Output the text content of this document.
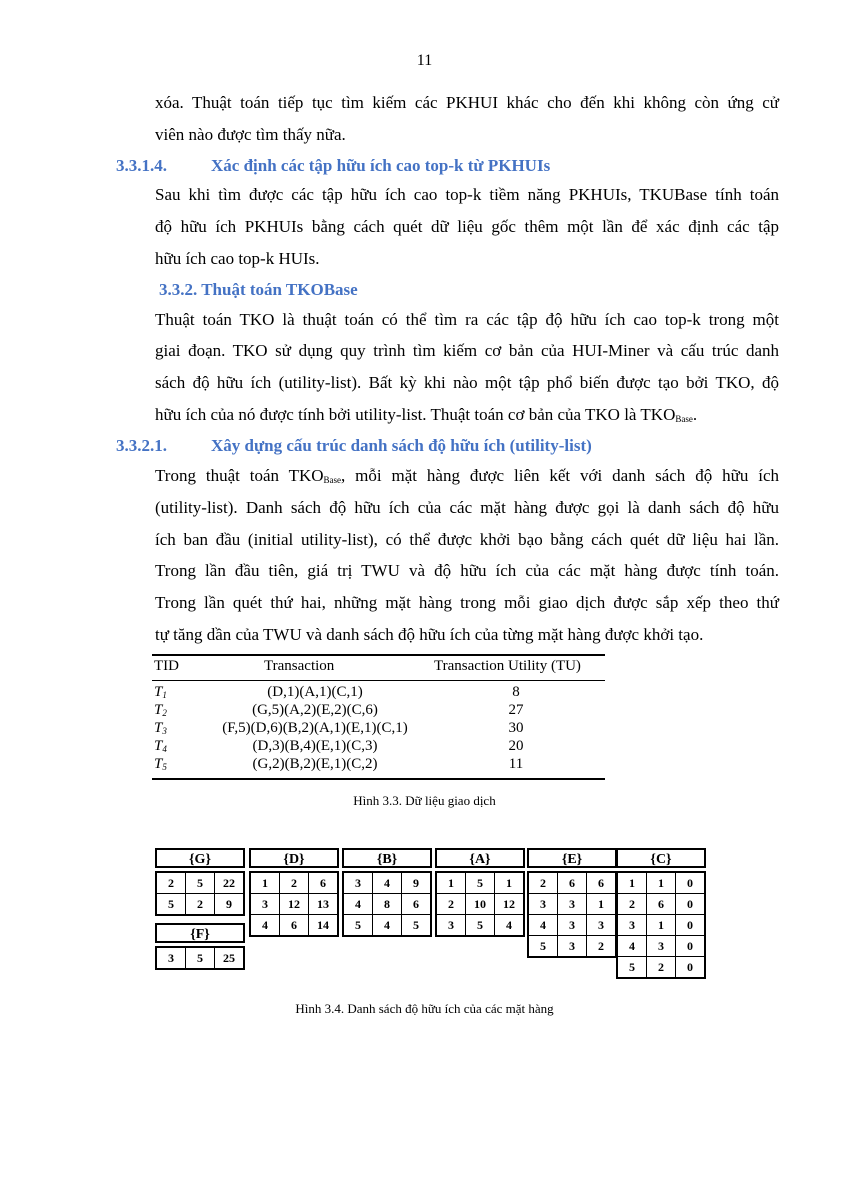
11
xóa. Thuật toán tiếp tục tìm kiếm các PKHUI khác cho đến khi không còn ứng cử
viên nào được tìm thấy nữa.
3.3.1.4.	Xác định các tập hữu ích cao top-k từ PKHUIs
Sau khi tìm được các tập hữu ích cao top-k tiềm năng PKHUIs, TKUBase tính toán
độ hữu ích PKHUIs bằng cách quét dữ liệu gốc thêm một lần để xác định các tập
hữu ích cao top-k HUIs.
3.3.2. Thuật toán TKOBase
Thuật toán TKO là thuật toán có thể tìm ra các tập độ hữu ích cao top-k trong một
giai đoạn. TKO sử dụng quy trình tìm kiếm cơ bản của HUI-Miner và cấu trúc danh
sách độ hữu ích (utility-list). Bất kỳ khi nào một tập phổ biến được tạo bởi TKO, độ
hữu ích của nó được tính bởi utility-list. Thuật toán cơ bản của TKO là $TKO_{Base}$.
3.3.2.1.	Xây dựng cấu trúc danh sách độ hữu ích (utility-list)
Trong thuật toán $TKO_{Base}$, mỗi mặt hàng được liên kết với danh sách độ hữu ích
(utility-list). Danh sách độ hữu ích của các mặt hàng được gọi là danh sách độ hữu
ích ban đầu (initial utility-list), có thể được khởi bạo bằng cách quét dữ liệu hai lần.
Trong lần đầu tiên, giá trị TWU và độ hữu ích của các mặt hàng được tính toán.
Trong lần quét thứ hai, những mặt hàng trong mỗi giao dịch được sắp xếp theo thứ
tự tăng dần của TWU và danh sách độ hữu ích của từng mặt hàng được khởi tạo.
TID	Transaction	Transaction Utility (TU)
$T_1$	(D,1)(A,1)(C,1)	8
$T_2$	(G,5)(A,2)(E,2)(C,6)	27
$T_3$	(F,5)(D,6)(B,2)(A,1)(E,1)(C,1)	30
$T_4$	(D,3)(B,4)(E,1)(C,3)	20
$T_5$	(G,2)(B,2)(E,1)(C,2)	11
Hình 3.3. Dữ liệu giao dịch
{G}
2	5	22
5	2	9
{D}
1	2	6
3	12	13
4	6	14
{B}
3	4	9
4	8	6
5	4	5
{A}
1	5	1
2	10	12
3	5	4
{E}
2	6	6
3	3	1
4	3	3
5	3	2
{C}
1	1	0
2	6	0
3	1	0
4	3	0
5	2	0
{F}
3	5	25
Hình 3.4. Danh sách độ hữu ích của các mặt hàng
